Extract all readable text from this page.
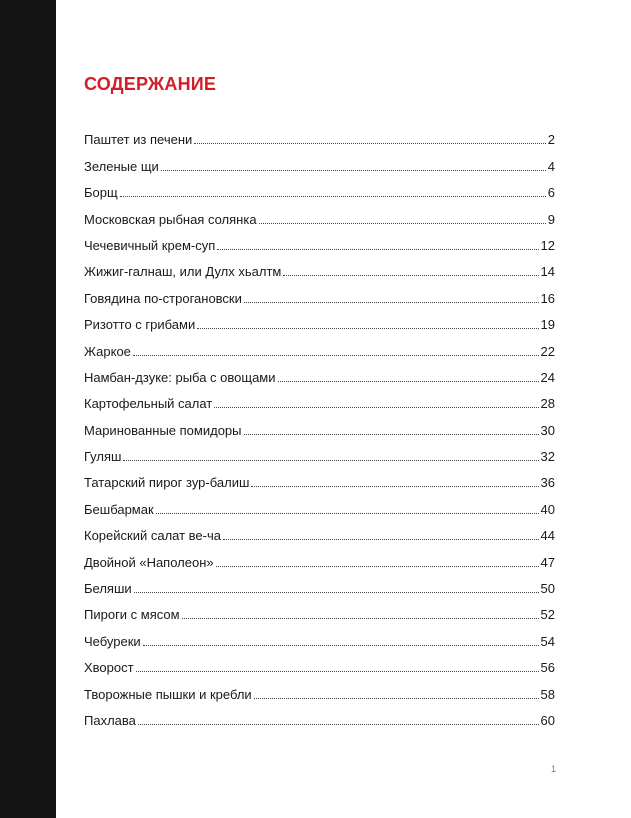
СОДЕРЖАНИЕ
Паштет из печени	2
Зеленые щи	4
Борщ	6
Московская рыбная солянка	9
Чечевичный крем-суп	12
Жижиг-галнаш, или Дулх хьалтм	14
Говядина по-строгановски	16
Ризотто с грибами	19
Жаркое	22
Намбан-дзуке: рыба с овощами	24
Картофельный салат	28
Маринованные помидоры	30
Гуляш	32
Татарский пирог зур-балиш	36
Бешбармак	40
Корейский салат ве-ча	44
Двойной «Наполеон»	47
Беляши	50
Пироги с мясом	52
Чебуреки	54
Хворост	56
Творожные пышки и кребли	58
Пахлава	60
1
